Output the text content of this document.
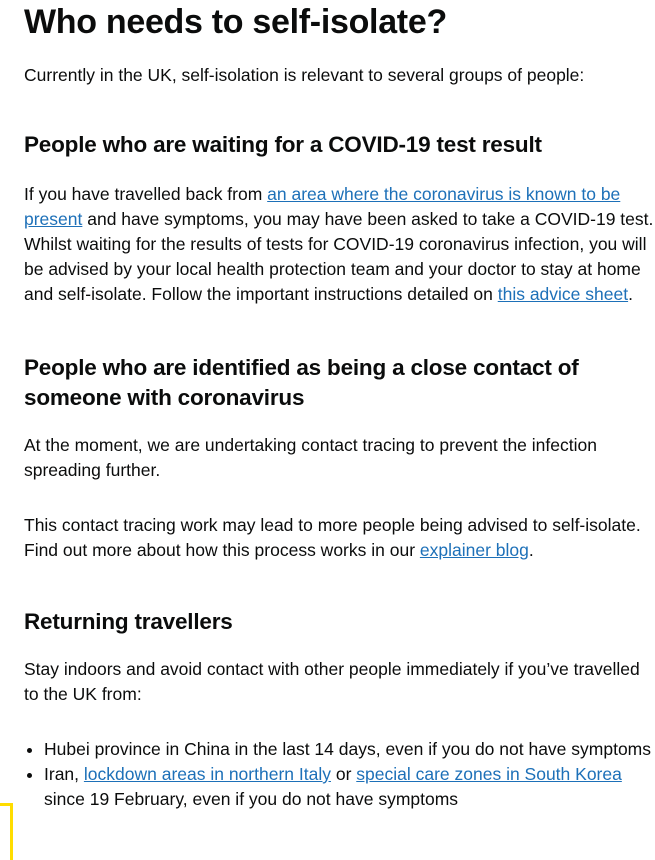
Who needs to self-isolate?

Currently in the UK, self-isolation is relevant to several groups of people:

People who are waiting for a COVID-19 test result

If you have travelled back from an area where the coronavirus is known to be present and have symptoms, you may have been asked to take a COVID-19 test. Whilst waiting for the results of tests for COVID-19 coronavirus infection, you will be advised by your local health protection team and your doctor to stay at home and self-isolate. Follow the important instructions detailed on this advice sheet.

People who are identified as being a close contact of someone with coronavirus

At the moment, we are undertaking contact tracing to prevent the infection spreading further.

This contact tracing work may lead to more people being advised to self-isolate. Find out more about how this process works in our explainer blog.

Returning travellers

Stay indoors and avoid contact with other people immediately if you’ve travelled to the UK from:

• Hubei province in China in the last 14 days, even if you do not have symptoms
• Iran, lockdown areas in northern Italy or special care zones in South Korea since 19 February, even if you do not have symptoms
